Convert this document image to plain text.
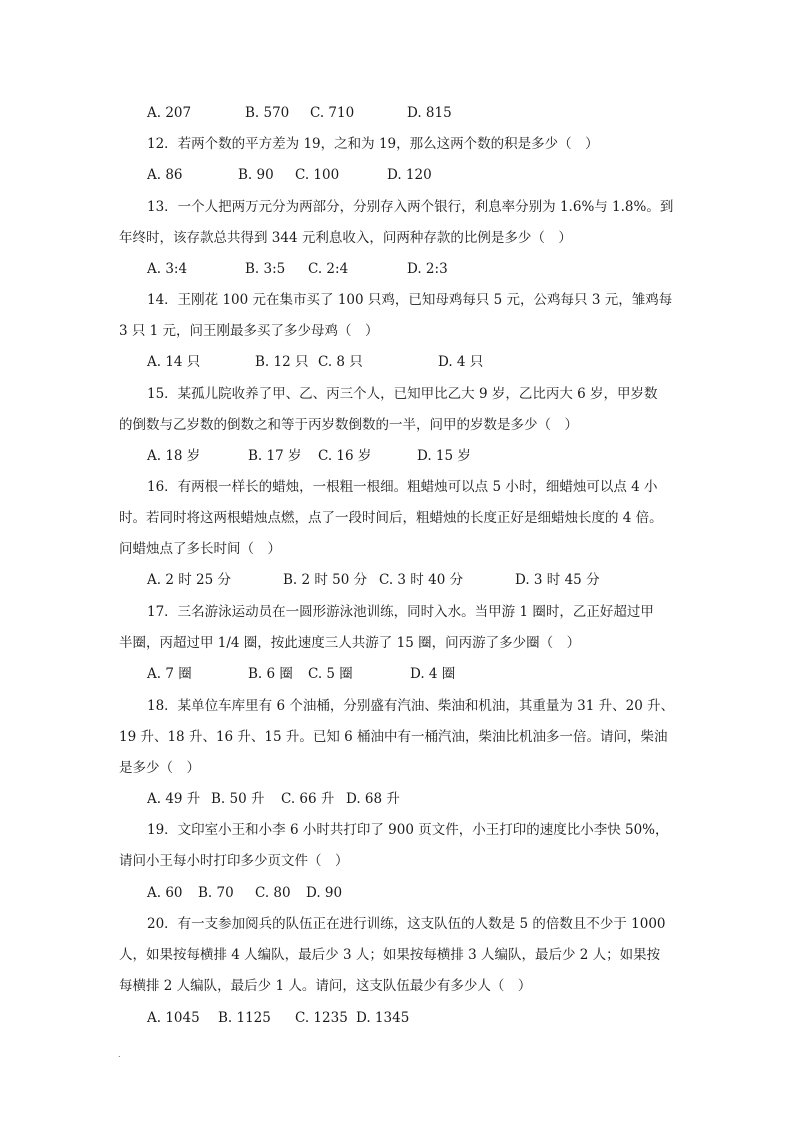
A. 207	B. 570 C. 710	D. 815
12．若两个数的平方差为 19，之和为 19，那么这两个数的积是多少（　）
A. 86	B. 90 C. 100	D. 120
13．一个人把两万元分为两部分，分别存入两个银行，利息率分别为 1.6%与 1.8%。到
年终时，该存款总共得到 344 元利息收入，问两种存款的比例是多少（　）
A. 3:4	B. 3:5 C. 2:4	D. 2:3
14．王刚花 100 元在集市买了 100 只鸡，已知母鸡每只 5 元，公鸡每只 3 元，雏鸡每
3 只 1 元，问王刚最多买了多少母鸡（　）
A. 14 只	B. 12 只 C. 8 只	D. 4 只
15．某孤儿院收养了甲、乙、丙三个人，已知甲比乙大 9 岁，乙比丙大 6 岁，甲岁数
的倒数与乙岁数的倒数之和等于丙岁数倒数的一半，问甲的岁数是多少（　）
A. 18 岁	B. 17 岁 C. 16 岁	D. 15 岁
16．有两根一样长的蜡烛，一根粗一根细。粗蜡烛可以点 5 小时，细蜡烛可以点 4 小
时。若同时将这两根蜡烛点燃，点了一段时间后，粗蜡烛的长度正好是细蜡烛长度的 4 倍。
问蜡烛点了多长时间（　）
A. 2 时 25 分	B. 2 时 50 分 C. 3 时 40 分	D. 3 时 45 分
17．三名游泳运动员在一圆形游泳池训练，同时入水。当甲游 1 圈时，乙正好超过甲
半圈，丙超过甲 1/4 圈，按此速度三人共游了 15 圈，问丙游了多少圈（　）
A. 7 圈	B. 6 圈 C. 5 圈	D. 4 圈
18．某单位车库里有 6 个油桶，分别盛有汽油、柴油和机油，其重量为 31 升、20 升、
19 升、18 升、16 升、15 升。已知 6 桶油中有一桶汽油，柴油比机油多一倍。请问，柴油
是多少（　）
A. 49 升 B. 50 升 C. 66 升 D. 68 升
19．文印室小王和小李 6 小时共打印了 900 页文件，小王打印的速度比小李快 50%，
请问小王每小时打印多少页文件（　）
A. 60 B. 70 C. 80 D. 90
20．有一支参加阅兵的队伍正在进行训练，这支队伍的人数是 5 的倍数且不少于 1000
人，如果按每横排 4 人编队，最后少 3 人；如果按每横排 3 人编队，最后少 2 人；如果按
每横排 2 人编队，最后少 1 人。请问，这支队伍最少有多少人（　）
A. 1045 B. 1125 C. 1235 D. 1345
.
